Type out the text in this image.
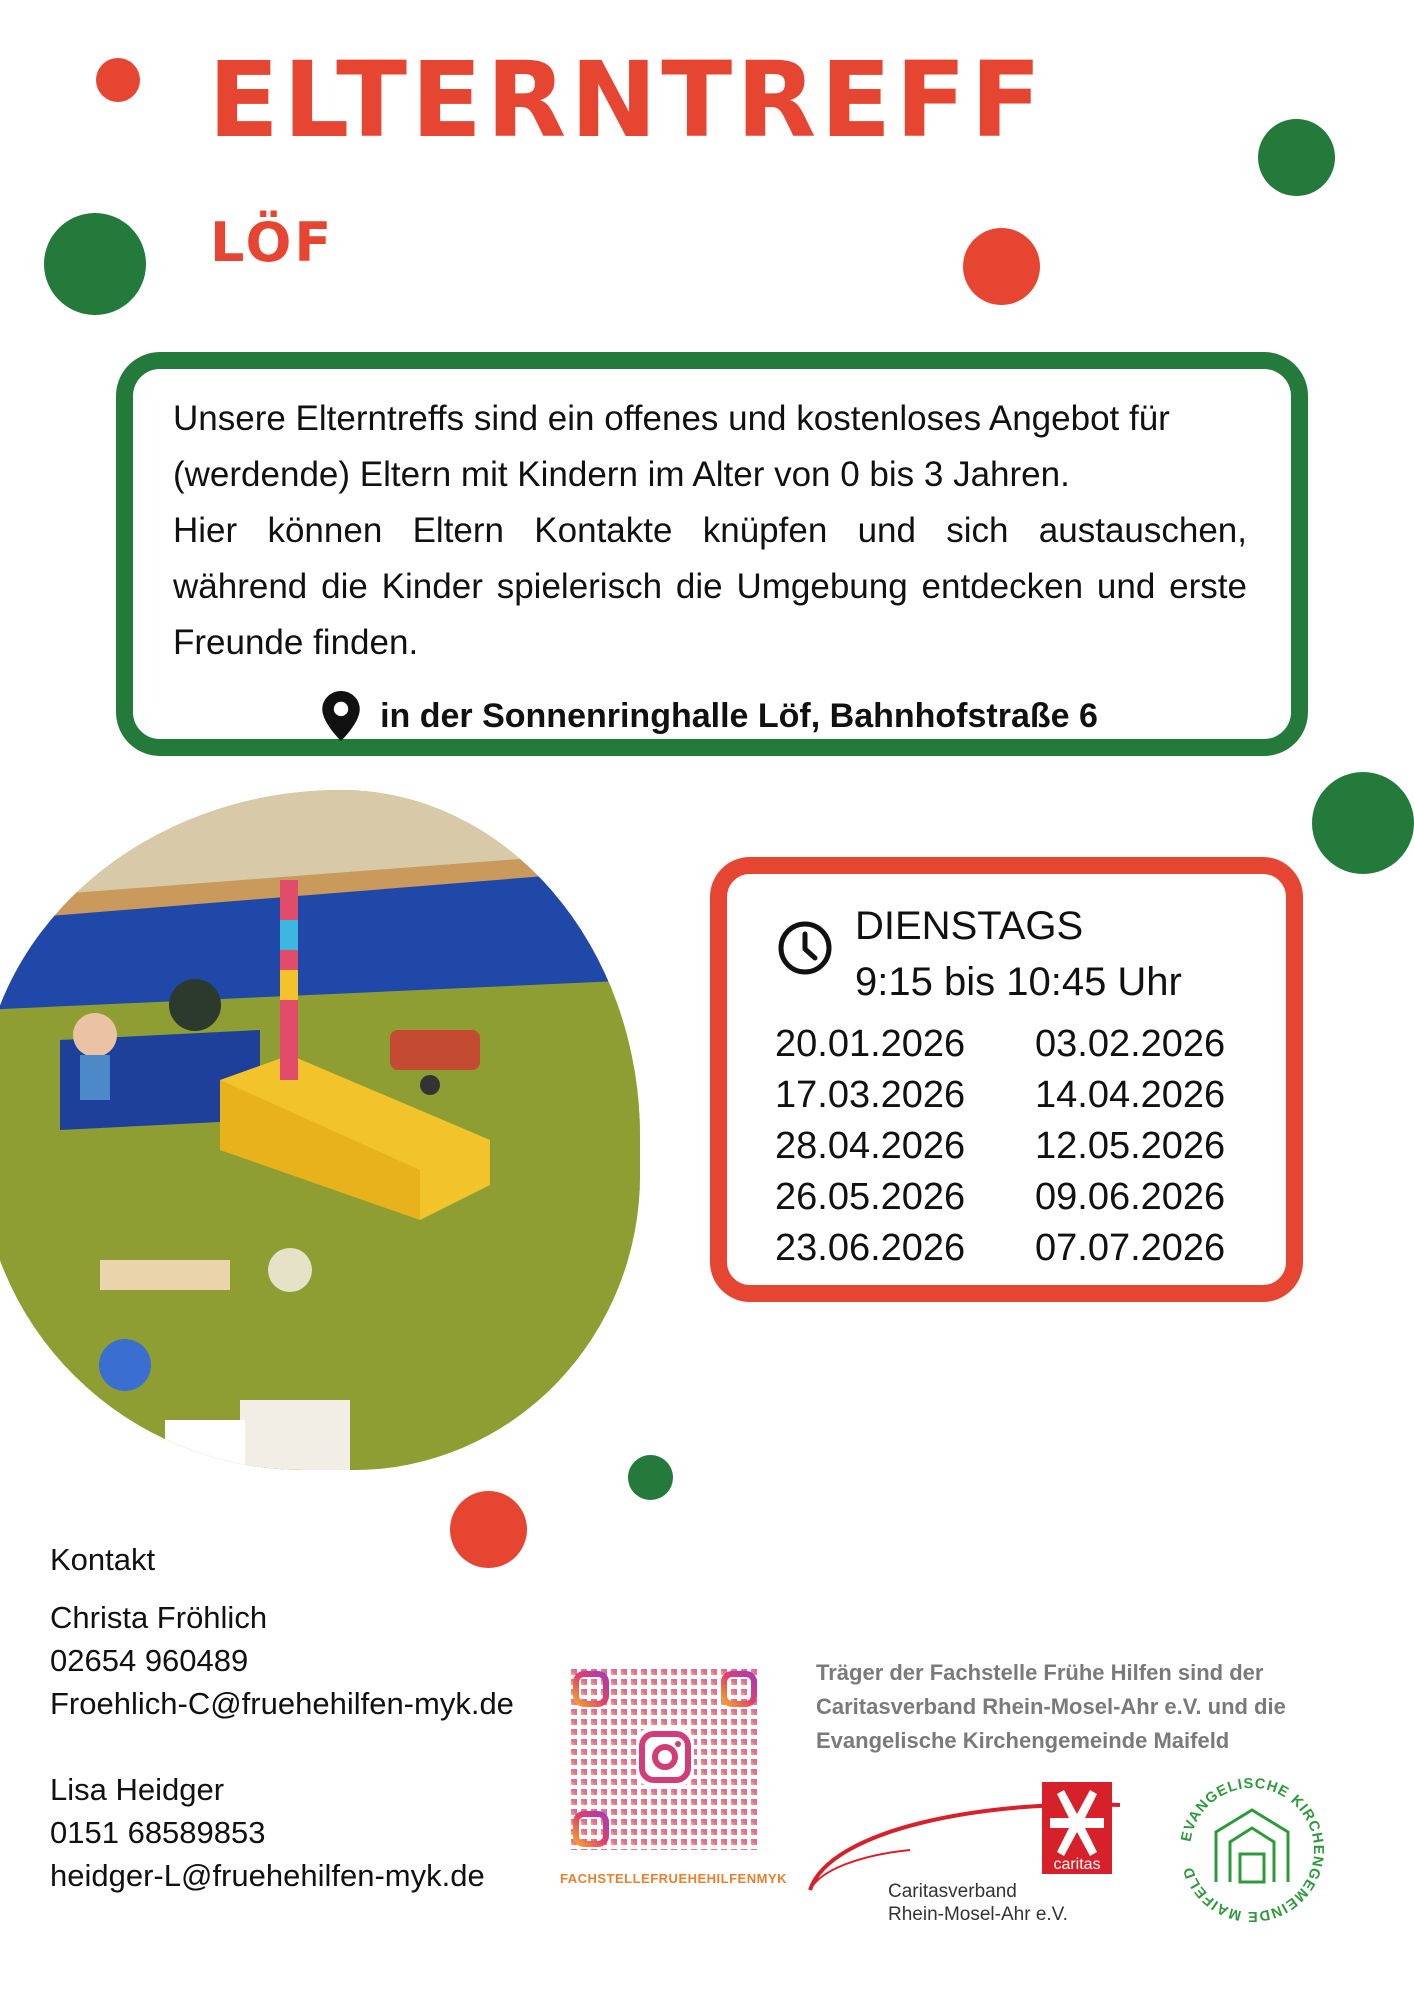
ELTERNTREFF
LÖF

Unsere Elterntreffs sind ein offenes und kostenloses Angebot für (werdende) Eltern mit Kindern im Alter von 0 bis 3 Jahren.

Hier können Eltern Kontakte knüpfen und sich austauschen, während die Kinder spielerisch die Umgebung entdecken und erste Freunde finden.

in der Sonnenringhalle Löf, Bahnhofstraße 6
DIENSTAGS
9:15 bis 10:45 Uhr
20.01.2026	03.02.2026
17.03.2026	14.04.2026
28.04.2026	12.05.2026
26.05.2026	09.06.2026
23.06.2026	07.07.2026
Kontakt
Christa Fröhlich
02654 960489
Froehlich-C@fruehehilfen-myk.de
Lisa Heidger
0151 68589853
heidger-L@fruehehilfen-myk.de	FACHSTELLEFRUEHEHILFENMYK

Träger der Fachstelle Frühe Hilfen sind der Caritasverband Rhein-Mosel-Ahr e.V. und die Evangelische Kirchengemeinde Maifeld

caritas
Caritasverband
Rhein-Mosel-Ahr e.V.
EVANGELISCHE KIRCHENGEMEINDE MAIFELD
